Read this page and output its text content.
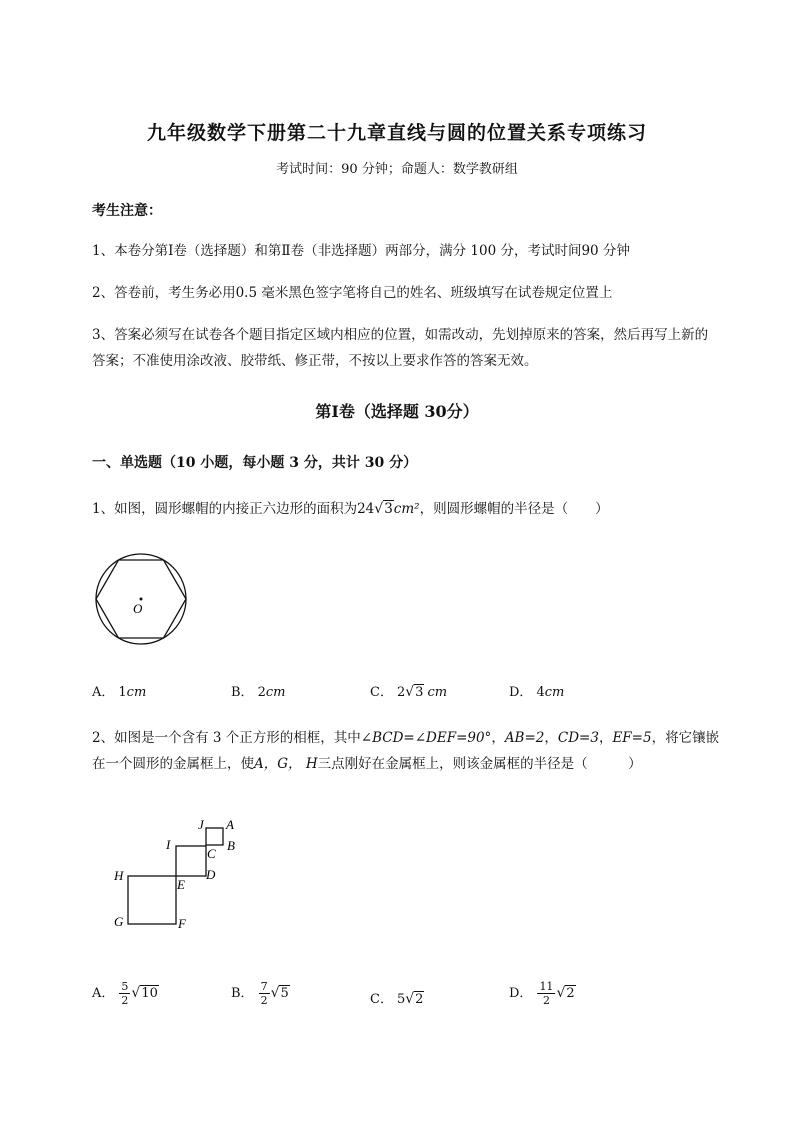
九年级数学下册第二十九章直线与圆的位置关系专项练习
考试时间：90 分钟；命题人：数学教研组
考生注意：
1、本卷分第Ⅰ卷（选择题）和第Ⅱ卷（非选择题）两部分，满分 100 分，考试时间90 分钟
2、答卷前，考生务必用0.5 毫米黑色签字笔将自己的姓名、班级填写在试卷规定位置上
3、答案必须写在试卷各个题目指定区域内相应的位置，如需改动，先划掉原来的答案，然后再写上新的答案；不准使用涂改液、胶带纸、修正带，不按以上要求作答的答案无效。
第Ⅰ卷（选择题 30分）
一、单选题（10 小题，每小题 3 分，共计 30 分）
1、如图，圆形螺帽的内接正六边形的面积为24√3cm²，则圆形螺帽的半径是（　　）
O
A． 1cm	B． 2cm	C． 2√3 cm	D． 4cm
2、如图是一个含有 3 个正方形的相框，其中∠BCD=∠DEF=90°，AB=2，CD=3，EF=5，将它镶嵌在一个圆形的金属框上，使A，G， H三点刚好在金属框上，则该金属框的半径是（　　　）
J A
I
C
B
H
E
D
G	F
A． $\frac{5}{2} √10$	B． $\frac{7}{2} √5$	C． 5√2	D． $\frac{11}{2} √2$
